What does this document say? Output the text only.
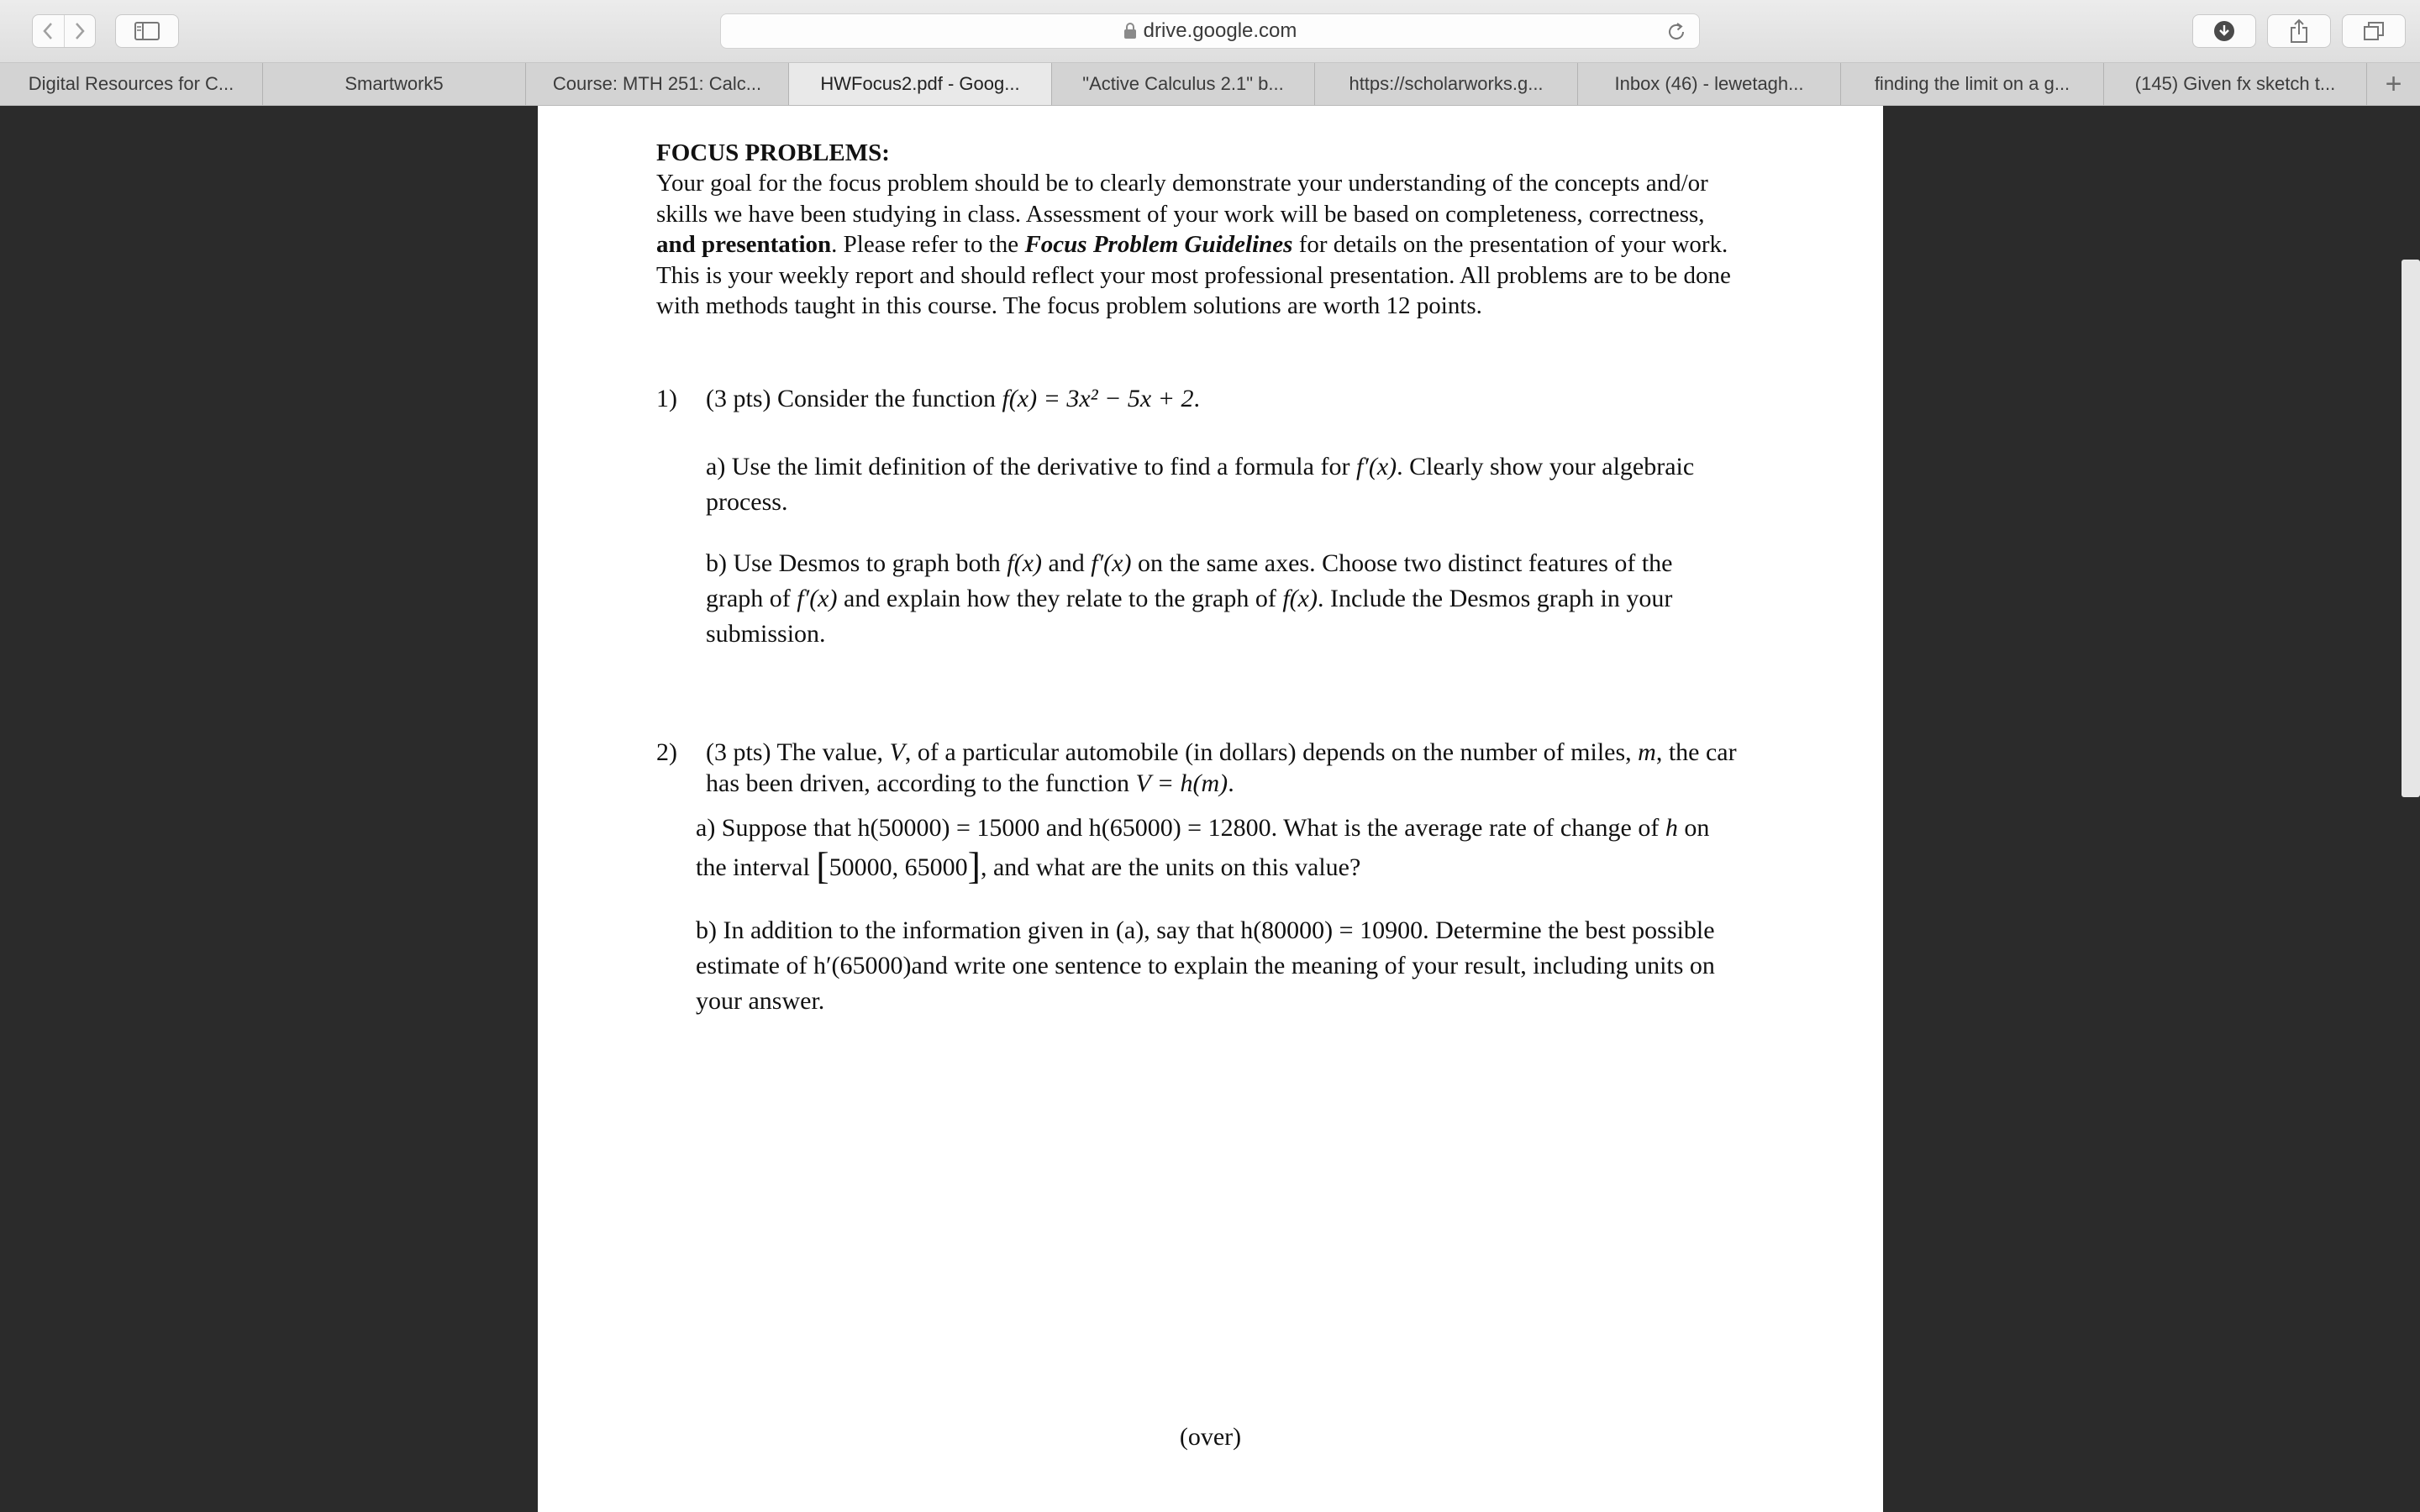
drive.google.com
Digital Resources for C...	Smartwork5	Course: MTH 251: Calc...	HWFocus2.pdf - Goog...	"Active Calculus 2.1" b...	https://scholarworks.g...	Inbox (46) - lewetagh...	finding the limit on a g...	(145) Given fx sketch t...	+
FOCUS PROBLEMS:

Your goal for the focus problem should be to clearly demonstrate your understanding of the concepts and/or skills we have been studying in class. Assessment of your work will be based on completeness, correctness, and presentation. Please refer to the Focus Problem Guidelines for details on the presentation of your work. This is your weekly report and should reflect your most professional presentation. All problems are to be done with methods taught in this course. The focus problem solutions are worth 12 points.

1) (3 pts) Consider the function f(x) = 3x² − 5x + 2.
a) Use the limit definition of the derivative to find a formula for f′(x). Clearly show your algebraic process.
b) Use Desmos to graph both f(x) and f′(x) on the same axes. Choose two distinct features of the graph of f′(x) and explain how they relate to the graph of f(x). Include the Desmos graph in your submission.
2) (3 pts) The value, V, of a particular automobile (in dollars) depends on the number of miles, m, the car has been driven, according to the function V = h(m).
a) Suppose that h(50000) = 15000 and h(65000) = 12800. What is the average rate of change of h on the interval [50000, 65000], and what are the units on this value?
b) In addition to the information given in (a), say that h(80000) = 10900. Determine the best possible estimate of h′(65000)and write one sentence to explain the meaning of your result, including units on your answer.
(over)
